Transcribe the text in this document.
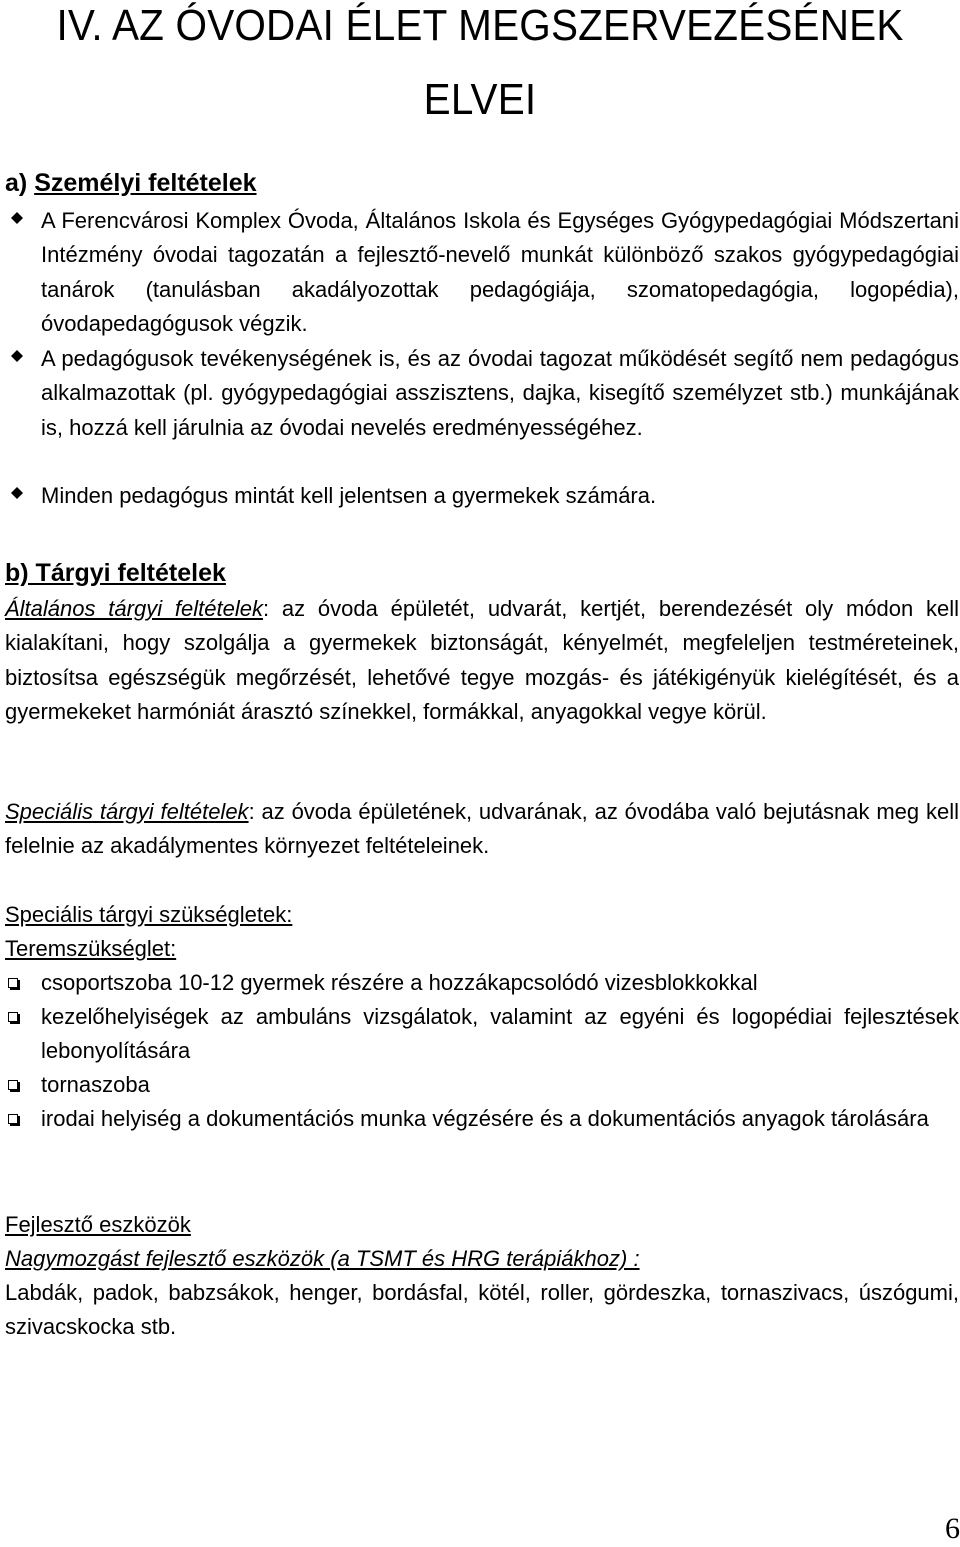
IV. AZ ÓVODAI ÉLET MEGSZERVEZÉSÉNEK
ELVEI
a) Személyi feltételek
A Ferencvárosi Komplex Óvoda, Általános Iskola és Egységes Gyógypedagógiai Módszertani Intézmény óvodai tagozatán a fejlesztő-nevelő munkát különböző szakos gyógypedagógiai tanárok (tanulásban akadályozottak pedagógiája, szomatopedagógia, logopédia), óvodapedagógusok végzik.
A pedagógusok tevékenységének is, és az óvodai tagozat működését segítő nem pedagógus alkalmazottak (pl. gyógypedagógiai asszisztens, dajka, kisegítő személyzet stb.) munkájának is, hozzá kell járulnia az óvodai nevelés eredményességéhez.
Minden pedagógus mintát kell jelentsen a gyermekek számára.
b) Tárgyi feltételek
Általános tárgyi feltételek: az óvoda épületét, udvarát, kertjét, berendezését oly módon kell kialakítani, hogy szolgálja a gyermekek biztonságát, kényelmét, megfeleljen testméreteinek, biztosítsa egészségük megőrzését, lehetővé tegye mozgás- és játékigényük kielégítését, és a gyermekeket harmóniát árasztó színekkel, formákkal, anyagokkal vegye körül.
Speciális tárgyi feltételek: az óvoda épületének, udvarának, az óvodába való bejutásnak meg kell felelnie az akadálymentes környezet feltételeinek.
Speciális tárgyi szükségletek:
Teremszükséglet:
csoportszoba 10-12 gyermek részére a hozzákapcsolódó vizesblokkokkal
kezelőhelyiségek az ambuláns vizsgálatok, valamint az egyéni és logopédiai fejlesztések lebonyolítására
tornaszoba
irodai helyiség a dokumentációs munka végzésére és a dokumentációs anyagok tárolására
Fejlesztő eszközök
Nagymozgást fejlesztő eszközök (a TSMT és HRG terápiákhoz) :
Labdák, padok, babzsákok, henger, bordásfal, kötél, roller, gördeszka, tornaszivacs, úszógumi, szivacskocka stb.
6
